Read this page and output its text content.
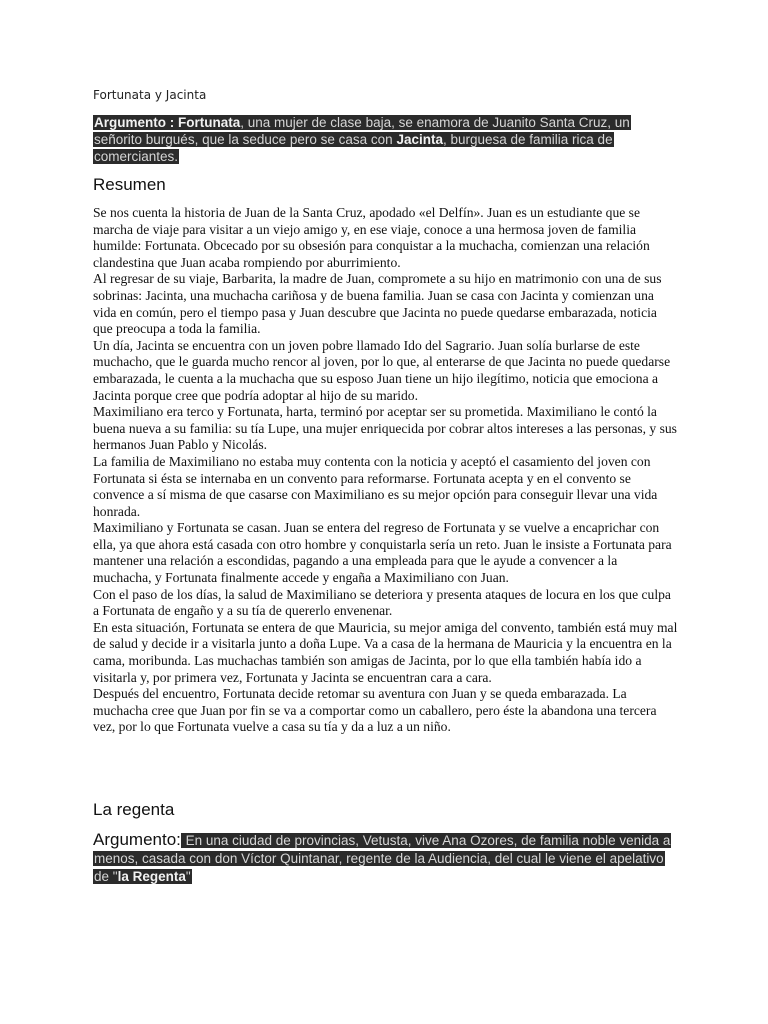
Fortunata y Jacinta
Argumento : Fortunata, una mujer de clase baja, se enamora de Juanito Santa Cruz, un señorito burgués, que la seduce pero se casa con Jacinta, burguesa de familia rica de comerciantes.
Resumen

Se nos cuenta la historia de Juan de la Santa Cruz, apodado «el Delfín». Juan es un estudiante que se marcha de viaje para visitar a un viejo amigo y, en ese viaje, conoce a una hermosa joven de familia humilde: Fortunata. Obcecado por su obsesión para conquistar a la muchacha, comienzan una relación clandestina que Juan acaba rompiendo por aburrimiento.

Al regresar de su viaje, Barbarita, la madre de Juan, compromete a su hijo en matrimonio con una de sus sobrinas: Jacinta, una muchacha cariñosa y de buena familia. Juan se casa con Jacinta y comienzan una vida en común, pero el tiempo pasa y Juan descubre que Jacinta no puede quedarse embarazada, noticia que preocupa a toda la familia.

Un día, Jacinta se encuentra con un joven pobre llamado Ido del Sagrario. Juan solía burlarse de este muchacho, que le guarda mucho rencor al joven, por lo que, al enterarse de que Jacinta no puede quedarse embarazada, le cuenta a la muchacha que su esposo Juan tiene un hijo ilegítimo, noticia que emociona a Jacinta porque cree que podría adoptar al hijo de su marido.

Maximiliano era terco y Fortunata, harta, terminó por aceptar ser su prometida. Maximiliano le contó la buena nueva a su familia: su tía Lupe, una mujer enriquecida por cobrar altos intereses a las personas, y sus hermanos Juan Pablo y Nicolás.

La familia de Maximiliano no estaba muy contenta con la noticia y aceptó el casamiento del joven con Fortunata si ésta se internaba en un convento para reformarse. Fortunata acepta y en el convento se convence a sí misma de que casarse con Maximiliano es su mejor opción para conseguir llevar una vida honrada.

Maximiliano y Fortunata se casan. Juan se entera del regreso de Fortunata y se vuelve a encaprichar con ella, ya que ahora está casada con otro hombre y conquistarla sería un reto. Juan le insiste a Fortunata para mantener una relación a escondidas, pagando a una empleada para que le ayude a convencer a la muchacha, y Fortunata finalmente accede y engaña a Maximiliano con Juan.

Con el paso de los días, la salud de Maximiliano se deteriora y presenta ataques de locura en los que culpa a Fortunata de engaño y a su tía de quererlo envenenar.

En esta situación, Fortunata se entera de que Mauricia, su mejor amiga del convento, también está muy mal de salud y decide ir a visitarla junto a doña Lupe. Va a casa de la hermana de Mauricia y la encuentra en la cama, moribunda. Las muchachas también son amigas de Jacinta, por lo que ella también había ido a visitarla y, por primera vez, Fortunata y Jacinta se encuentran cara a cara.

Después del encuentro, Fortunata decide retomar su aventura con Juan y se queda embarazada. La muchacha cree que Juan por fin se va a comportar como un caballero, pero éste la abandona una tercera vez, por lo que Fortunata vuelve a casa su tía y da a luz a un niño.

La regenta
Argumento: En una ciudad de provincias, Vetusta, vive Ana Ozores, de familia noble venida a menos, casada con don Víctor Quintanar, regente de la Audiencia, del cual le viene el apelativo de "la Regenta"
